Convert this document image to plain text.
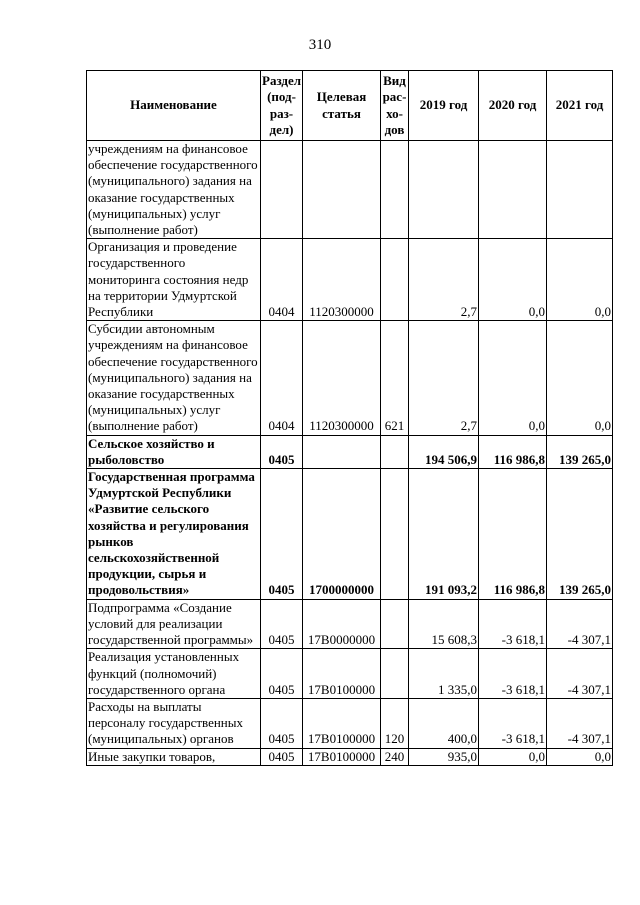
310
Наименование	Раздел (под-раз-дел)	Целевая статья	Вид рас-хо-дов	2019 год	2020 год	2021 год
учреждениям на финансовое обеспечение государственного (муниципального) задания на оказание государственных (муниципальных) услуг (выполнение работ)						
Организация и проведение государственного мониторинга состояния недр на территории Удмуртской Республики	0404	1120300000		2,7	0,0	0,0
Субсидии автономным учреждениям на финансовое обеспечение государственного (муниципального) задания на оказание государственных (муниципальных) услуг (выполнение работ)	0404	1120300000	621	2,7	0,0	0,0
Сельское хозяйство и рыболовство	0405			194 506,9	116 986,8	139 265,0
Государственная программа Удмуртской Республики «Развитие сельского хозяйства и регулирования рынков сельскохозяйственной продукции, сырья и продовольствия»	0405	1700000000		191 093,2	116 986,8	139 265,0
Подпрограмма «Создание условий для реализации государственной программы»	0405	17В0000000		15 608,3	-3 618,1	-4 307,1
Реализация установленных функций (полномочий) государственного органа	0405	17В0100000		1 335,0	-3 618,1	-4 307,1
Расходы на выплаты персоналу государственных (муниципальных) органов	0405	17В0100000	120	400,0	-3 618,1	-4 307,1
Иные закупки товаров,	0405	17В0100000	240	935,0	0,0	0,0
